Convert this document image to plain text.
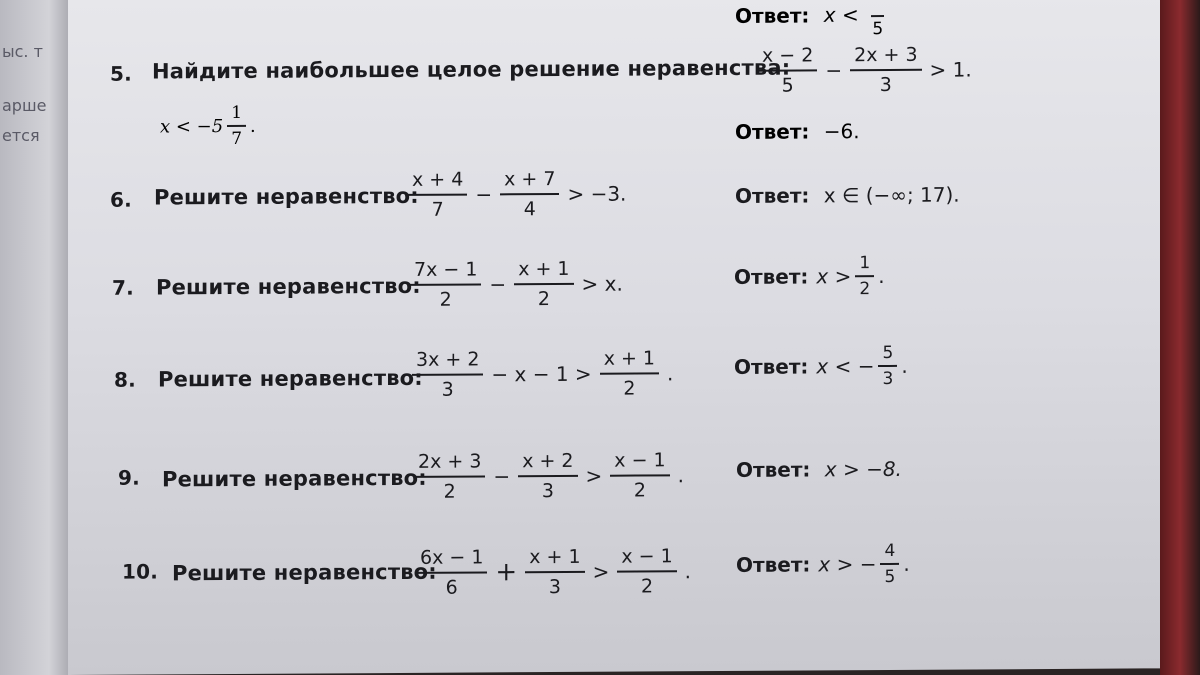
ыс. т
арше
ется
Ответ: x <

5
5. Найдите наибольшее целое решение неравенства:
$\frac{x - 2}{5} - \frac{2x + 3}{3} > 1$.
$x < -5 \frac{1}{7}$ .	Ответ: −6.
6. Решите неравенство:
$\frac{x + 4}{7} - \frac{x + 7}{4} > -3$.	Ответ: x ∈ (−∞; 17).
7. Решите неравенство:
$\frac{7x - 1}{2} - \frac{x + 1}{2} > x$.	Ответ: $x > \frac{1}{2}$ .
8. Решите неравенство:
$\frac{3x + 2}{3} - x - 1 > \frac{x + 1}{2}$ .	Ответ: x < − $\frac{5}{3}$ .
9. Решите неравенство:
$\frac{2x + 3}{2} - \frac{x + 2}{3} > \frac{x - 1}{2}$ .	Ответ: x > −8.
10. Решите неравенство:
$\frac{6x - 1}{6} + \frac{x + 1}{3} > \frac{x - 1}{2}$ . Ответ: x > − $\frac{4}{5}$ .
